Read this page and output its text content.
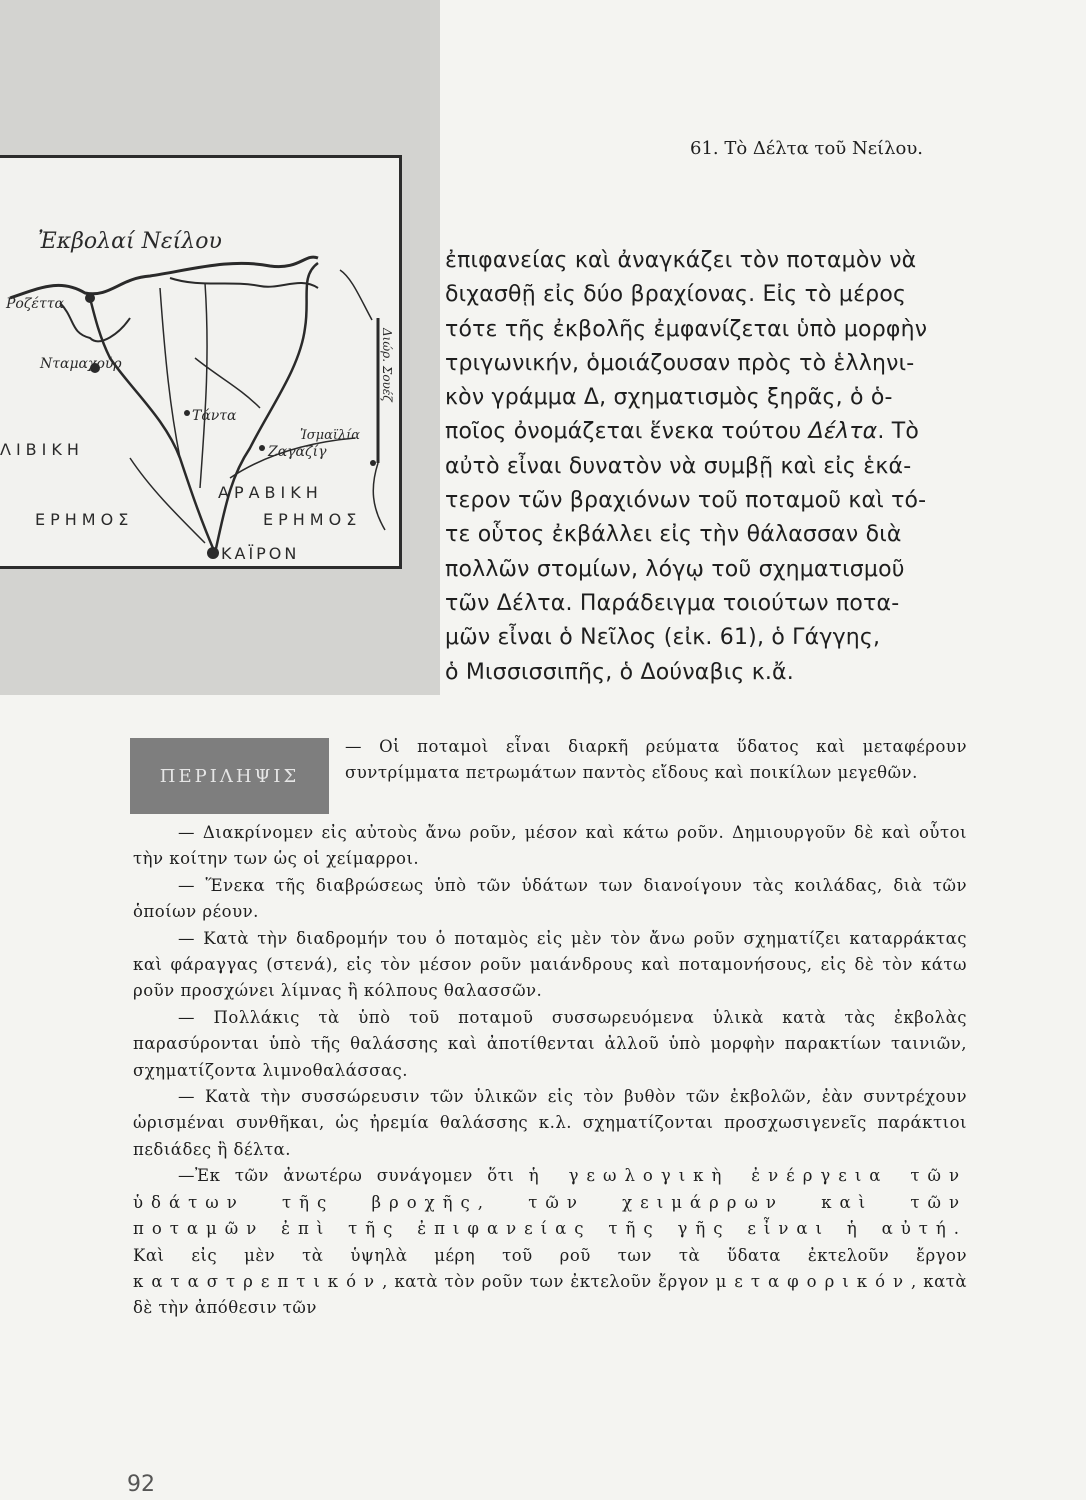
Ἐκβολαί Νείλου
Ροζέττα
Νταμαχούρ
Τάντα
Ζαγαζίγ
Ἰσμαϊλία
Διώρ. Σουέζ
ΛΙΒΙΚΗ
ΕΡΗΜΟΣ
ΑΡΑΒΙΚΗ
ΕΡΗΜΟΣ
ΚΑΪΡΟΝ
61. Τὸ Δέλτα τοῦ Νείλου.
ἐπιφανείας καὶ ἀναγκάζει τὸν ποταμὸν νὰ
διχασθῇ εἰς δύο βραχίονας. Εἰς τὸ μέρος
τότε τῆς ἐκβολῆς ἐμφανίζεται ὑπὸ μορφὴν
τριγωνικήν, ὁμοιάζουσαν πρὸς τὸ ἑλληνι-
κὸν γράμμα Δ, σχηματισμὸς ξηρᾶς, ὁ ὁ-
ποῖος ὀνομάζεται ἕνεκα τούτου Δέλτα. Τὸ
αὐτὸ εἶναι δυνατὸν νὰ συμβῇ καὶ εἰς ἑκά-
τερον τῶν βραχιόνων τοῦ ποταμοῦ καὶ τό-
τε οὗτος ἐκβάλλει εἰς τὴν θάλασσαν διὰ
πολλῶν στομίων, λόγῳ τοῦ σχηματισμοῦ
τῶν Δέλτα. Παράδειγμα τοιούτων ποτα-
μῶν εἶναι ὁ Νεῖλος (εἰκ. 61), ὁ Γάγγης,
ὁ Μισσισσιπῆς, ὁ Δούναβις κ.ἄ.
ΠΕΡΙΛΗΨΙΣ

— Οἱ ποταμοὶ εἶναι διαρκῆ ρεύματα ὕδατος καὶ μεταφέρουν συντρίμματα πετρωμάτων παντὸς εἴδους καὶ ποικίλων μεγεθῶν.

— Διακρίνομεν εἰς αὐτοὺς ἄνω ροῦν, μέσον καὶ κάτω ροῦν. Δημιουργοῦν δὲ καὶ οὗτοι τὴν κοίτην των ὡς οἱ χείμαρροι.

— Ἕνεκα τῆς διαβρώσεως ὑπὸ τῶν ὑδάτων των διανοίγουν τὰς κοιλάδας, διὰ τῶν ὁποίων ρέουν.

— Κατὰ τὴν διαδρομήν του ὁ ποταμὸς εἰς μὲν τὸν ἄνω ροῦν σχηματίζει καταρράκτας καὶ φάραγγας (στενά), εἰς τὸν μέσον ροῦν μαιάνδρους καὶ ποταμονήσους, εἰς δὲ τὸν κάτω ροῦν προσχώνει λίμνας ἢ κόλπους θαλασσῶν.

— Πολλάκις τὰ ὑπὸ τοῦ ποταμοῦ συσσωρευόμενα ὑλικὰ κατὰ τὰς ἐκβολὰς παρασύρονται ὑπὸ τῆς θαλάσσης καὶ ἀποτίθενται ἀλλοῦ ὑπὸ μορφὴν παρακτίων ταινιῶν, σχηματίζοντα λιμνοθαλάσσας.

— Κατὰ τὴν συσσώρευσιν τῶν ὑλικῶν εἰς τὸν βυθὸν τῶν ἐκβολῶν, ἐὰν συντρέχουν ὡρισμέναι συνθῆκαι, ὡς ἠρεμία θαλάσσης κ.λ. σχηματίζονται προσχωσιγενεῖς παράκτιοι πεδιάδες ἢ δέλτα.

—Ἐκ τῶν ἀνωτέρω συνάγομεν ὅτι ἡ γεωλογικὴ ἐνέργεια τῶν ὑδάτων τῆς βροχῆς, τῶν χειμάρρων καὶ τῶν ποταμῶν ἐπὶ τῆς ἐπιφανείας τῆς γῆς εἶναι ἡ αὐτή. Καὶ εἰς μὲν τὰ ὑψηλὰ μέρη τοῦ ροῦ των τὰ ὕδατα ἐκτελοῦν ἔργον καταστρεπτικόν, κατὰ τὸν ροῦν των ἐκτελοῦν ἔργον μεταφορικόν, κατὰ δὲ τὴν ἀπόθεσιν τῶν

92
